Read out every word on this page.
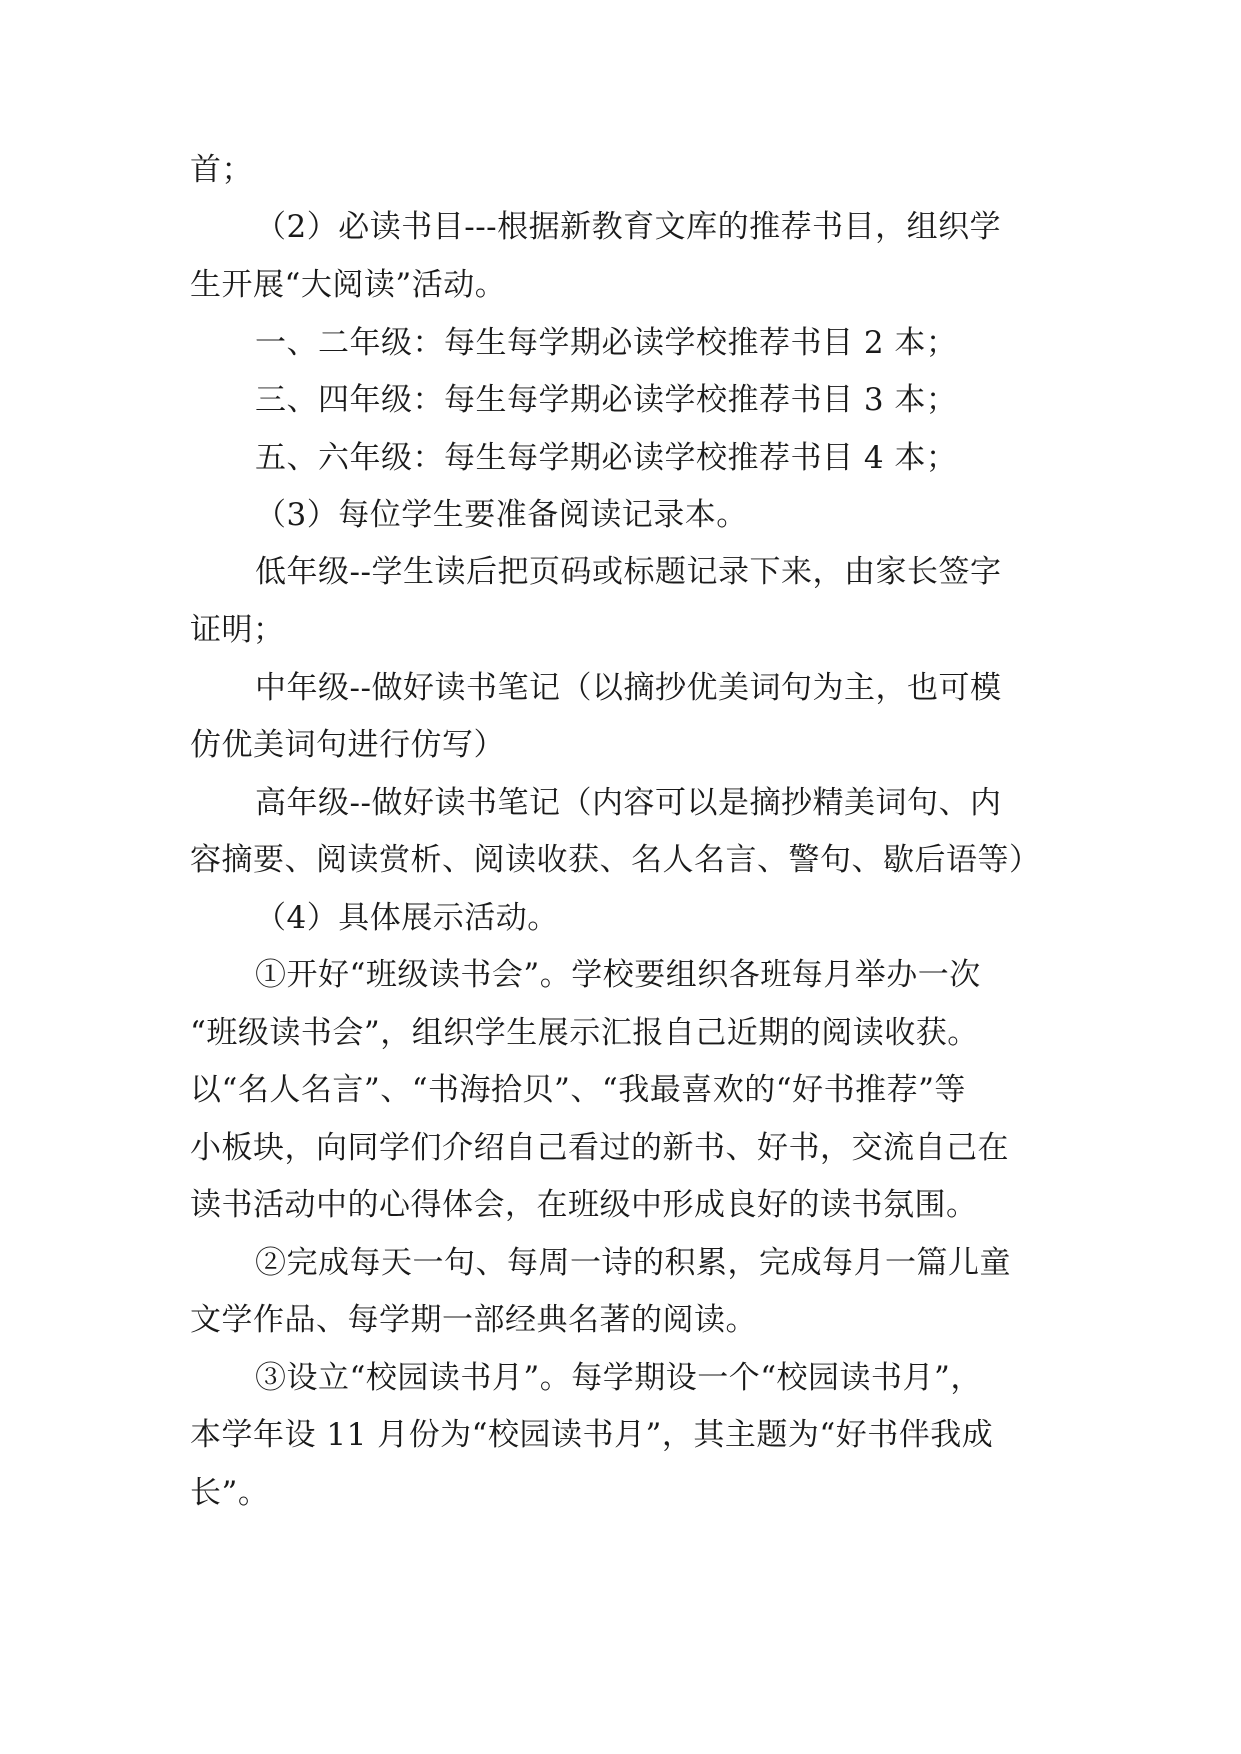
首；
（2）必读书目---根据新教育文库的推荐书目，组织学
生开展“大阅读”活动。
一、二年级：每生每学期必读学校推荐书目 2 本；
三、四年级：每生每学期必读学校推荐书目 3 本；
五、六年级：每生每学期必读学校推荐书目 4 本；
（3）每位学生要准备阅读记录本。
低年级--学生读后把页码或标题记录下来，由家长签字
证明；
中年级--做好读书笔记（以摘抄优美词句为主，也可模
仿优美词句进行仿写）
高年级--做好读书笔记（内容可以是摘抄精美词句、内
容摘要、阅读赏析、阅读收获、名人名言、警句、歇后语等）
（4）具体展示活动。
①开好“班级读书会”。学校要组织各班每月举办一次
“班级读书会”，组织学生展示汇报自己近期的阅读收获。
以“名人名言”、“书海拾贝”、“我最喜欢的“好书推荐”等
小板块，向同学们介绍自己看过的新书、好书，交流自己在
读书活动中的心得体会，在班级中形成良好的读书氛围。
②完成每天一句、每周一诗的积累，完成每月一篇儿童
文学作品、每学期一部经典名著的阅读。
③设立“校园读书月”。每学期设一个“校园读书月”，
本学年设 11 月份为“校园读书月”，其主题为“好书伴我成
长”。
